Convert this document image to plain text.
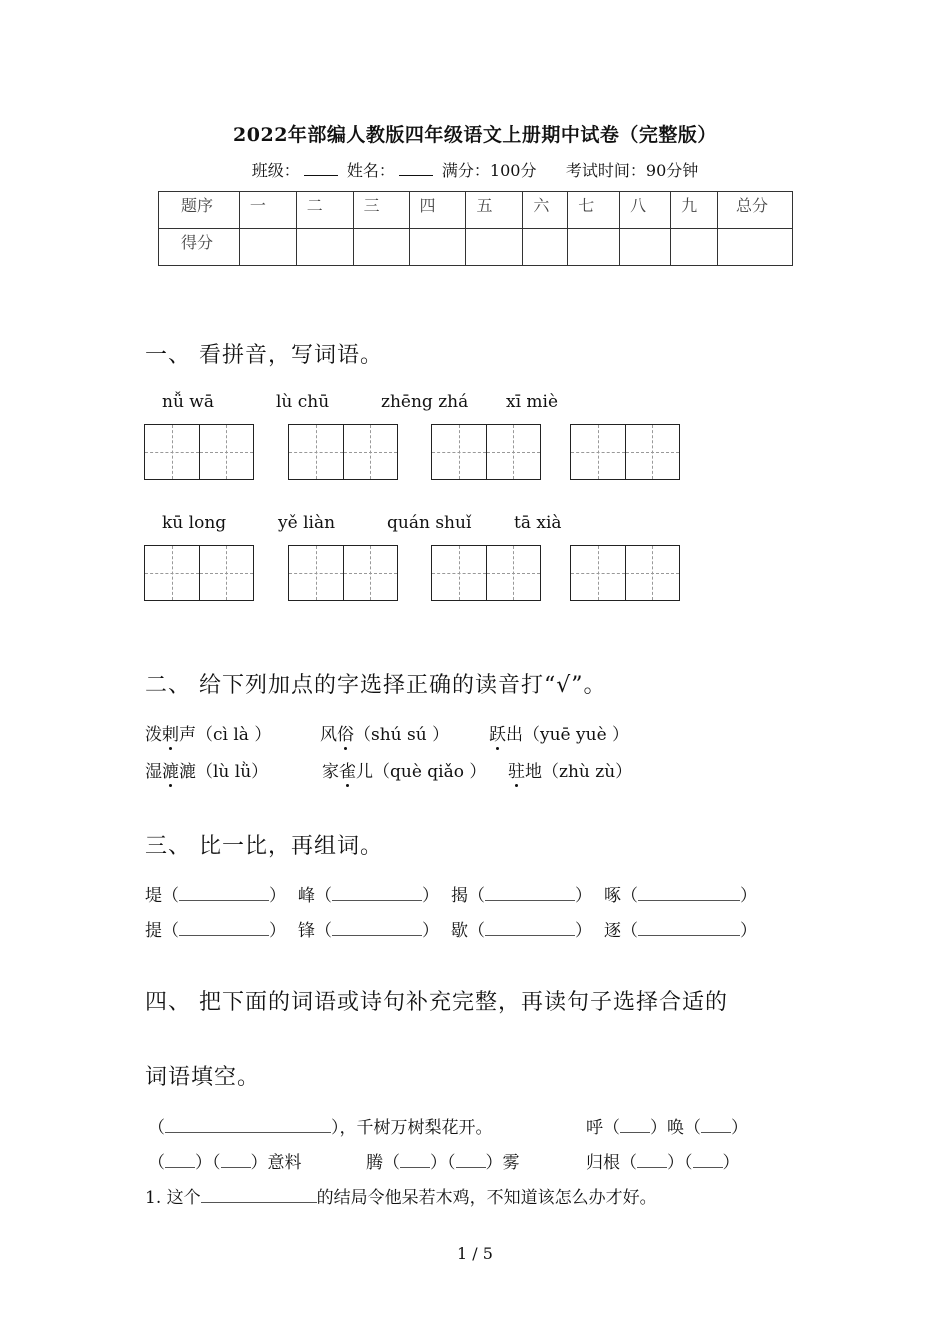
2022年部编人教版四年级语文上册期中试卷（完整版）
班级：	姓名：	满分：100分 考试时间：90分钟
题序	一	二	三	四	五	六	七	八	九	总分
得分										
一、 看拼音，写词语。
nǚ wā	lù chū	zhēng zhá xī miè
kū long	yě liàn	quán shuǐ	tā xià
二、 给下列加点的字选择正确的读音打“√”。
泼剌声（cì là ）	风俗（shú sú ） 跃出（yuē yuè ）
湿漉漉（lù lǜ）	家雀儿（què qiǎo ） 驻地（zhù zù）
三、 比一比，再组词。
堤（	） 峰（	） 揭（	） 啄（	）
提（	） 锋（	） 歇（	） 逐（	）
四、 把下面的词语或诗句补充完整，再读句子选择合适的
词语填空。
（	），千树万树梨花开。	呼（ ）唤（ ）
（ ）（ ）意料	腾（ ）（ ）雾	归根（ ）（ ）
1. 这个	的结局令他呆若木鸡，不知道该怎么办才好。
1 / 5
